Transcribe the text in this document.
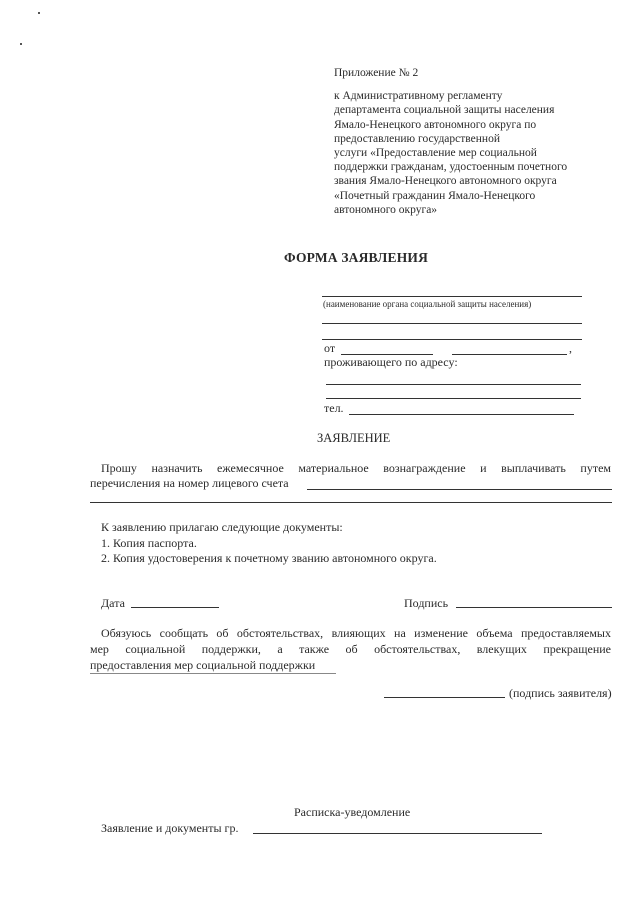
Приложение № 2
к Административному регламенту
департамента социальной защиты населения
Ямало-Ненецкого автономного округа по
предоставлению государственной
услуги «Предоставление мер социальной
поддержки гражданам, удостоенным почетного
звания Ямало-Ненецкого автономного округа
«Почетный гражданин Ямало-Ненецкого
автономного округа»
ФОРМА ЗАЯВЛЕНИЯ
(наименование органа социальной защиты населения)
от	,
проживающего по адресу:
тел.
ЗАЯВЛЕНИЕ
Прошу назначить ежемесячное материальное вознаграждение и выплачивать путем
перечисления на номер лицевого счета
К заявлению прилагаю следующие документы:
1. Копия паспорта.
2. Копия удостоверения к почетному званию автономного округа.
Дата	Подпись
Обязуюсь сообщать об обстоятельствах, влияющих на изменение объема предоставляемых
мер социальной поддержки, а также об обстоятельствах, влекущих прекращение
предоставления мер социальной поддержки
(подпись заявителя)
Расписка-уведомление
Заявление и документы гр.
